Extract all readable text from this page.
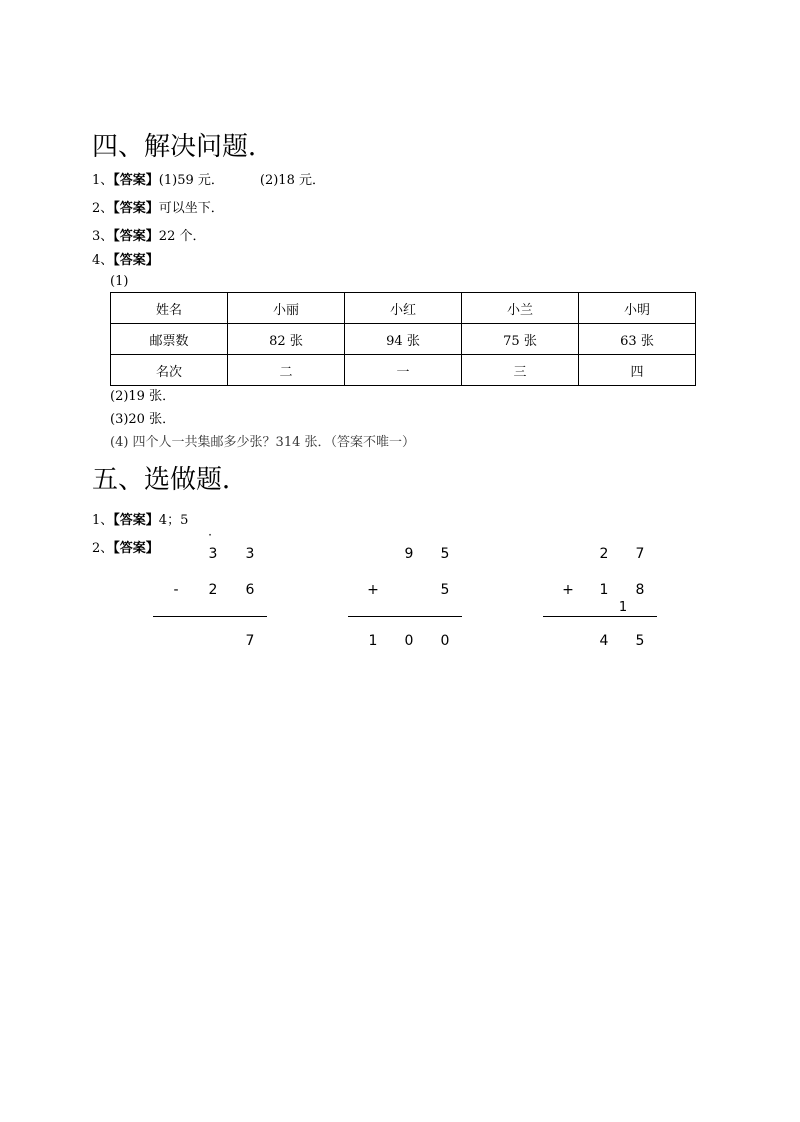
四、解决问题．
1、【答案】(1)59 元．	(2)18 元．
2、【答案】可以坐下．
3、【答案】22 个．
4、【答案】
(1)
姓名	小丽	小红	小兰	小明
邮票数	82 张	94 张	75 张	63 张
名次	二	一	三	四
(2)19 张．
(3)20 张．
(4) 四个人一共集邮多少张？314 张．（答案不唯一）
五、选做题．
1、【答案】4；5
2、【答案】
·
3 3
-	2 6
7
9 5
+	5
1 0 0
2 7
+ 1 8
1
4 5
